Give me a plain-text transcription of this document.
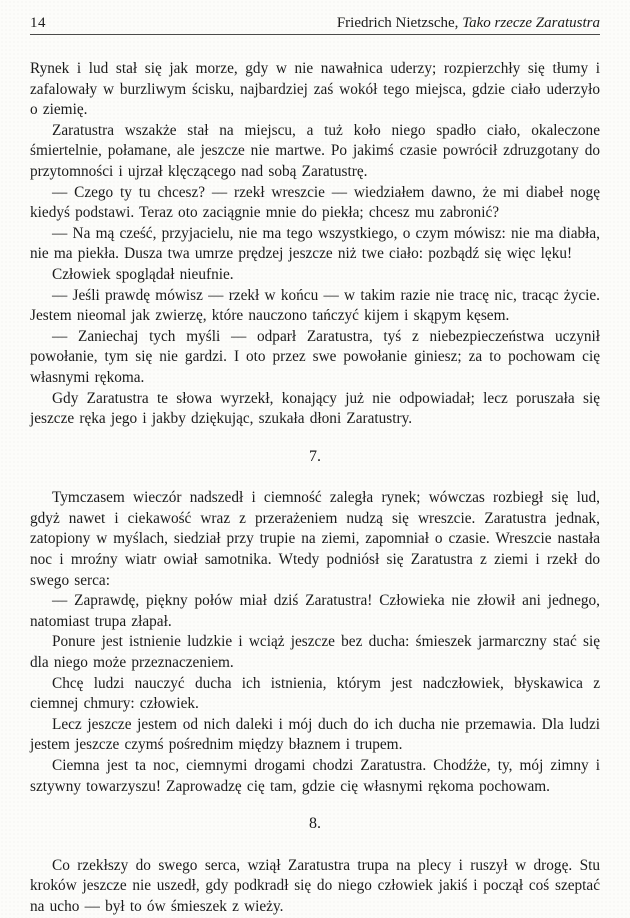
14	Friedrich Nietzsche, Tako rzecze Zaratustra

Rynek i lud stał się jak morze, gdy w nie nawałnica uderzy; rozpierzchły się tłumy i zafalowały w burzliwym ścisku, najbardziej zaś wokół tego miejsca, gdzie ciało uderzyło o ziemię.

Zaratustra wszakże stał na miejscu, a tuż koło niego spadło ciało, okaleczone śmiertelnie, połamane, ale jeszcze nie martwe. Po jakimś czasie powrócił zdruzgotany do przytomności i ujrzał klęczącego nad sobą Zaratustrę.

— Czego ty tu chcesz? — rzekł wreszcie — wiedziałem dawno, że mi diabeł nogę kiedyś podstawi. Teraz oto zaciągnie mnie do piekła; chcesz mu zabronić?

— Na mą cześć, przyjacielu, nie ma tego wszystkiego, o czym mówisz: nie ma diabła, nie ma piekła. Dusza twa umrze prędzej jeszcze niż twe ciało: pozbądź się więc lęku!

Człowiek spoglądał nieufnie.

— Jeśli prawdę mówisz — rzekł w końcu — w takim razie nie tracę nic, tracąc życie. Jestem nieomal jak zwierzę, które nauczono tańczyć kijem i skąpym kęsem.

— Zaniechaj tych myśli — odparł Zaratustra, tyś z niebezpieczeństwa uczynił powołanie, tym się nie gardzi. I oto przez swe powołanie giniesz; za to pochowam cię własnymi rękoma.

Gdy Zaratustra te słowa wyrzekł, konający już nie odpowiadał; lecz poruszała się jeszcze ręka jego i jakby dziękując, szukała dłoni Zaratustry.

7.

Tymczasem wieczór nadszedł i ciemność zaległa rynek; wówczas rozbiegł się lud, gdyż nawet i ciekawość wraz z przerażeniem nudzą się wreszcie. Zaratustra jednak, zatopiony w myślach, siedział przy trupie na ziemi, zapomniał o czasie. Wreszcie nastała noc i mroźny wiatr owiał samotnika. Wtedy podniósł się Zaratustra z ziemi i rzekł do swego serca:

— Zaprawdę, piękny połów miał dziś Zaratustra! Człowieka nie złowił ani jednego, natomiast trupa złapał.

Ponure jest istnienie ludzkie i wciąż jeszcze bez ducha: śmieszek jarmarczny stać się dla niego może przeznaczeniem.

Chcę ludzi nauczyć ducha ich istnienia, którym jest nadczłowiek, błyskawica z ciemnej chmury: człowiek.

Lecz jeszcze jestem od nich daleki i mój duch do ich ducha nie przemawia. Dla ludzi jestem jeszcze czymś pośrednim między błaznem i trupem.

Ciemna jest ta noc, ciemnymi drogami chodzi Zaratustra. Chodźże, ty, mój zimny i sztywny towarzyszu! Zaprowadzę cię tam, gdzie cię własnymi rękoma pochowam.

8.

Co rzekłszy do swego serca, wziął Zaratustra trupa na plecy i ruszył w drogę. Stu kroków jeszcze nie uszedł, gdy podkradł się do niego człowiek jakiś i począł coś szeptać na ucho — był to ów śmieszek z wieży.
